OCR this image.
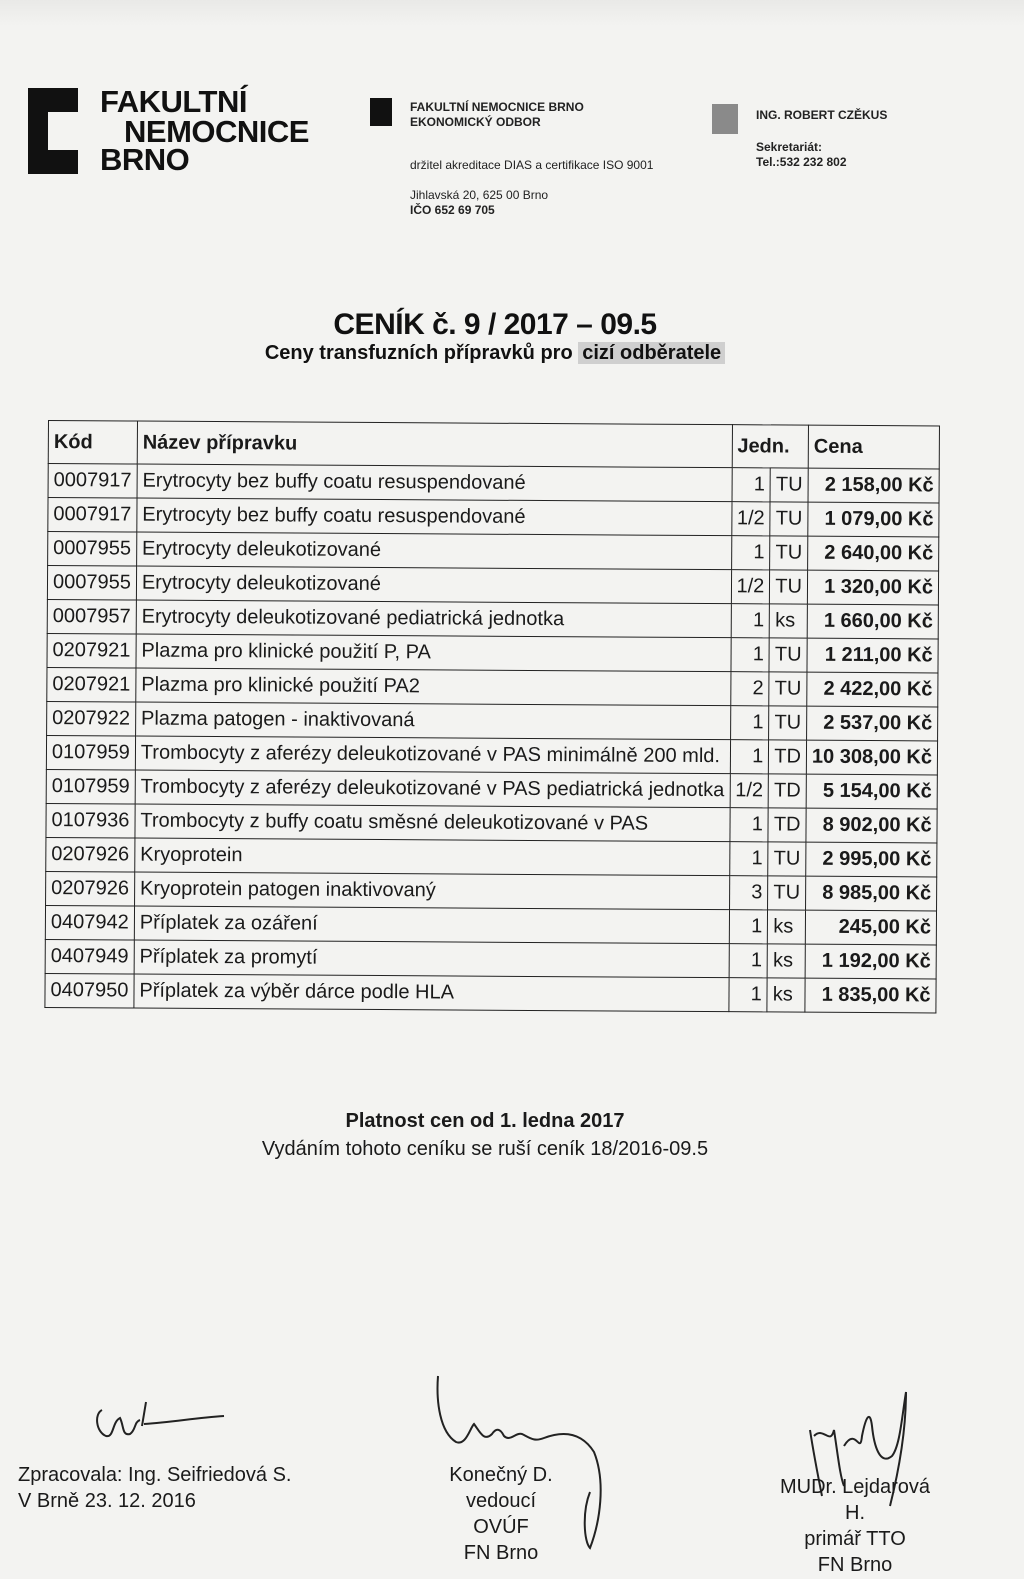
FAKULTNÍ
NEMOCNICE
BRNO
FAKULTNÍ NEMOCNICE BRNO
EKONOMICKÝ ODBOR
držitel akreditace DIAS a certifikace ISO 9001
Jihlavská 20, 625 00 Brno
IČO 652 69 705
ING. ROBERT CZĚKUS
Sekretariát:
Tel.:532 232 802
CENÍK č. 9 / 2017 – 09.5
Ceny transfuzních přípravků pro cizí odběratele
Kód	Název přípravku	Jedn.		Cena
0007917	Erytrocyty bez buffy coatu resuspendované	1	TU	2 158,00 Kč
0007917	Erytrocyty bez buffy coatu resuspendované	1/2	TU	1 079,00 Kč
0007955	Erytrocyty deleukotizované	1	TU	2 640,00 Kč
0007955	Erytrocyty deleukotizované	1/2	TU	1 320,00 Kč
0007957	Erytrocyty deleukotizované pediatrická jednotka	1	ks	1 660,00 Kč
0207921	Plazma pro klinické použití P, PA	1	TU	1 211,00 Kč
0207921	Plazma pro klinické použití PA2	2	TU	2 422,00 Kč
0207922	Plazma patogen - inaktivovaná	1	TU	2 537,00 Kč
0107959	Trombocyty z aferézy deleukotizované v PAS minimálně 200 mld.	1	TD	10 308,00 Kč
0107959	Trombocyty z aferézy deleukotizované v PAS pediatrická jednotka	1/2	TD	5 154,00 Kč
0107936	Trombocyty z buffy coatu směsné deleukotizované v PAS	1	TD	8 902,00 Kč
0207926	Kryoprotein	1	TU	2 995,00 Kč
0207926	Kryoprotein patogen inaktivovaný	3	TU	8 985,00 Kč
0407942	Příplatek za ozáření	1	ks	245,00 Kč
0407949	Příplatek za promytí	1	ks	1 192,00 Kč
0407950	Příplatek za výběr dárce podle HLA	1	ks	1 835,00 Kč
Platnost cen od 1. ledna 2017
Vydáním tohoto ceníku se ruší ceník 18/2016-09.5
Zpracovala: Ing. Seifriedová S.
V Brně 23. 12. 2016
Konečný D.
vedoucí OVÚF
FN Brno
MUDr. Lejdarová H.
primář TTO
FN Brno
